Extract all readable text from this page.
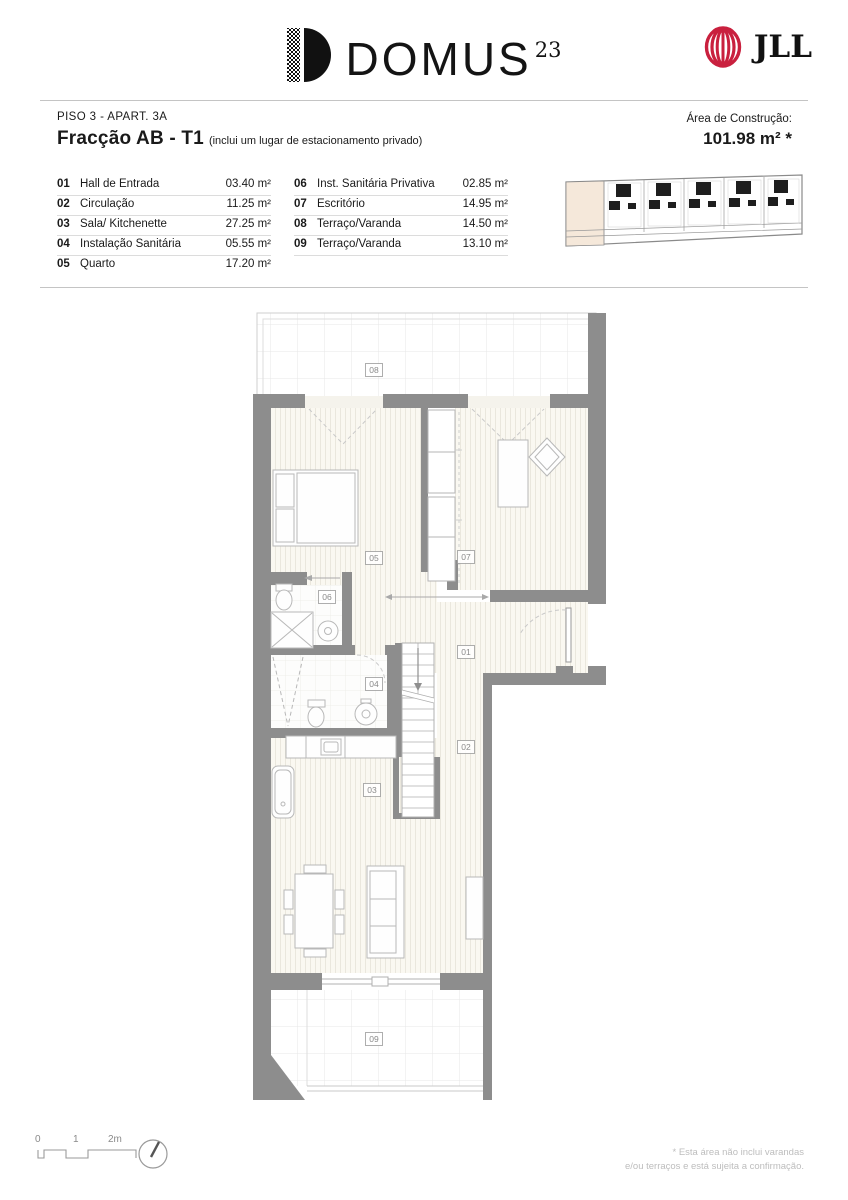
DOMUS $^{23}$	JLL
PISO 3 - APART. 3A
Fracção AB - T1 (inclui um lugar de estacionamento privado)
Área de Construção:
101.98 m² *
01 Hall de Entrada	03.40 m²
02 Circulação	11.25 m²
03 Sala/ Kitchenette	27.25 m²
04 Instalação Sanitária	05.55 m²
05 Quarto	17.20 m²
06 Inst. Sanitária Privativa	02.85 m²
07 Escritório	14.95 m²
08 Terraço/Varanda	14.50 m²
09 Terraço/Varanda	13.10 m²
01
02
03
04
05
06
07
08
09
0	1	2m
* Esta área não inclui varandas
e/ou terraços e está sujeita a confirmação.
